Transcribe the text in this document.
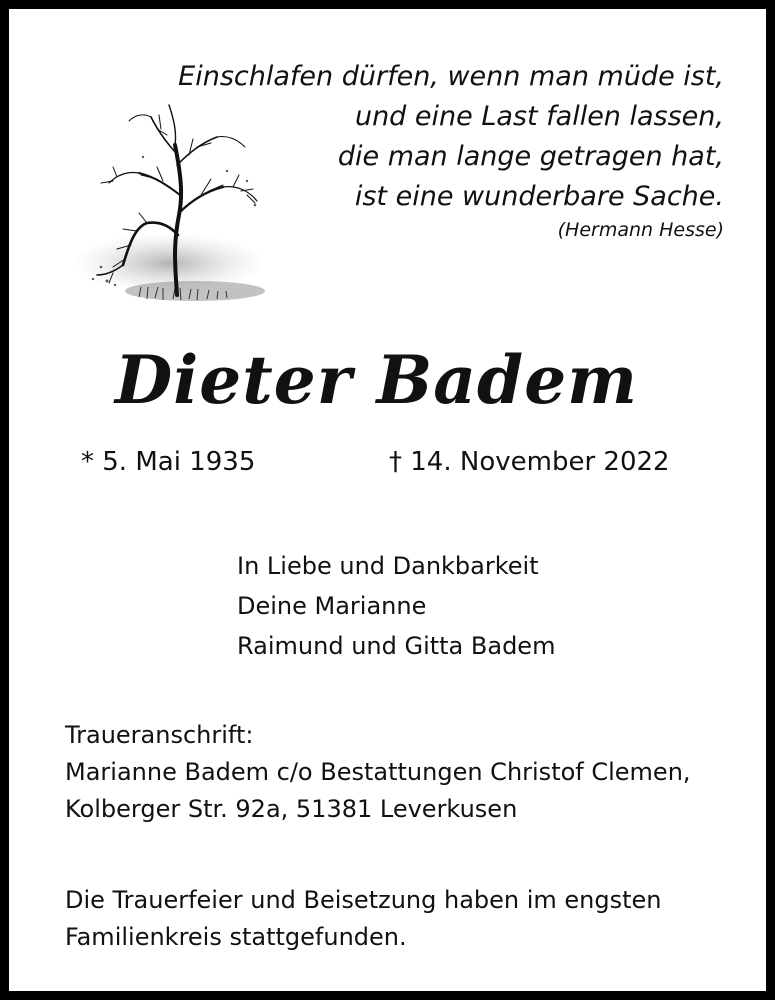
Einschlafen dürfen, wenn man müde ist,
und eine Last fallen lassen,
die man lange getragen hat,
ist eine wunderbare Sache.
(Hermann Hesse)
Dieter Badem
* 5. Mai 1935	† 14. November 2022
In Liebe und Dankbarkeit
Deine Marianne
Raimund und Gitta Badem
Traueranschrift:
Marianne Badem c/o Bestattungen Christof Clemen,
Kolberger Str. 92a, 51381 Leverkusen
Die Trauerfeier und Beisetzung haben im engsten
Familienkreis stattgefunden.
